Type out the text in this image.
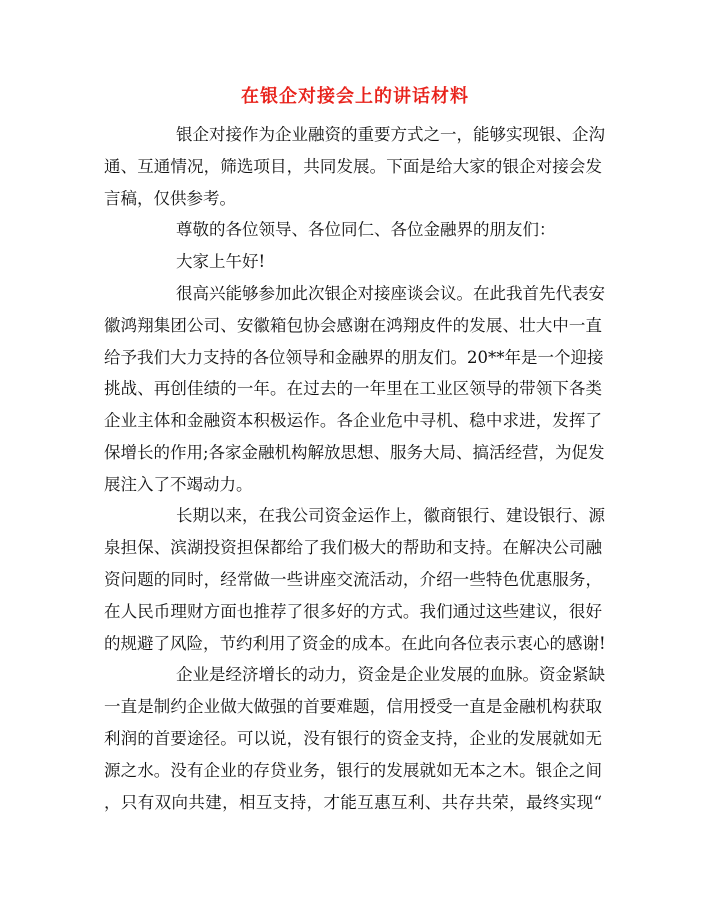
在银企对接会上的讲话材料
银企对接作为企业融资的重要方式之一，能够实现银、企沟
通、互通情况，筛选项目，共同发展。下面是给大家的银企对接会发
言稿，仅供参考。
尊敬的各位领导、各位同仁、各位金融界的朋友们：
大家上午好!
很高兴能够参加此次银企对接座谈会议。在此我首先代表安
徽鸿翔集团公司、安徽箱包协会感谢在鸿翔皮件的发展、壮大中一直
给予我们大力支持的各位领导和金融界的朋友们。20**年是一个迎接
挑战、再创佳绩的一年。在过去的一年里在工业区领导的带领下各类
企业主体和金融资本积极运作。各企业危中寻机、稳中求进，发挥了
保增长的作用;各家金融机构解放思想、服务大局、搞活经营，为促发
展注入了不竭动力。
长期以来，在我公司资金运作上，徽商银行、建设银行、源
泉担保、滨湖投资担保都给了我们极大的帮助和支持。在解决公司融
资问题的同时，经常做一些讲座交流活动，介绍一些特色优惠服务，
在人民币理财方面也推荐了很多好的方式。我们通过这些建议，很好
的规避了风险，节约利用了资金的成本。在此向各位表示衷心的感谢!
企业是经济增长的动力，资金是企业发展的血脉。资金紧缺
一直是制约企业做大做强的首要难题，信用授受一直是金融机构获取
利润的首要途径。可以说，没有银行的资金支持，企业的发展就如无
源之水。没有企业的存贷业务，银行的发展就如无本之木。银企之间
，只有双向共建，相互支持，才能互惠互利、共存共荣，最终实现“
